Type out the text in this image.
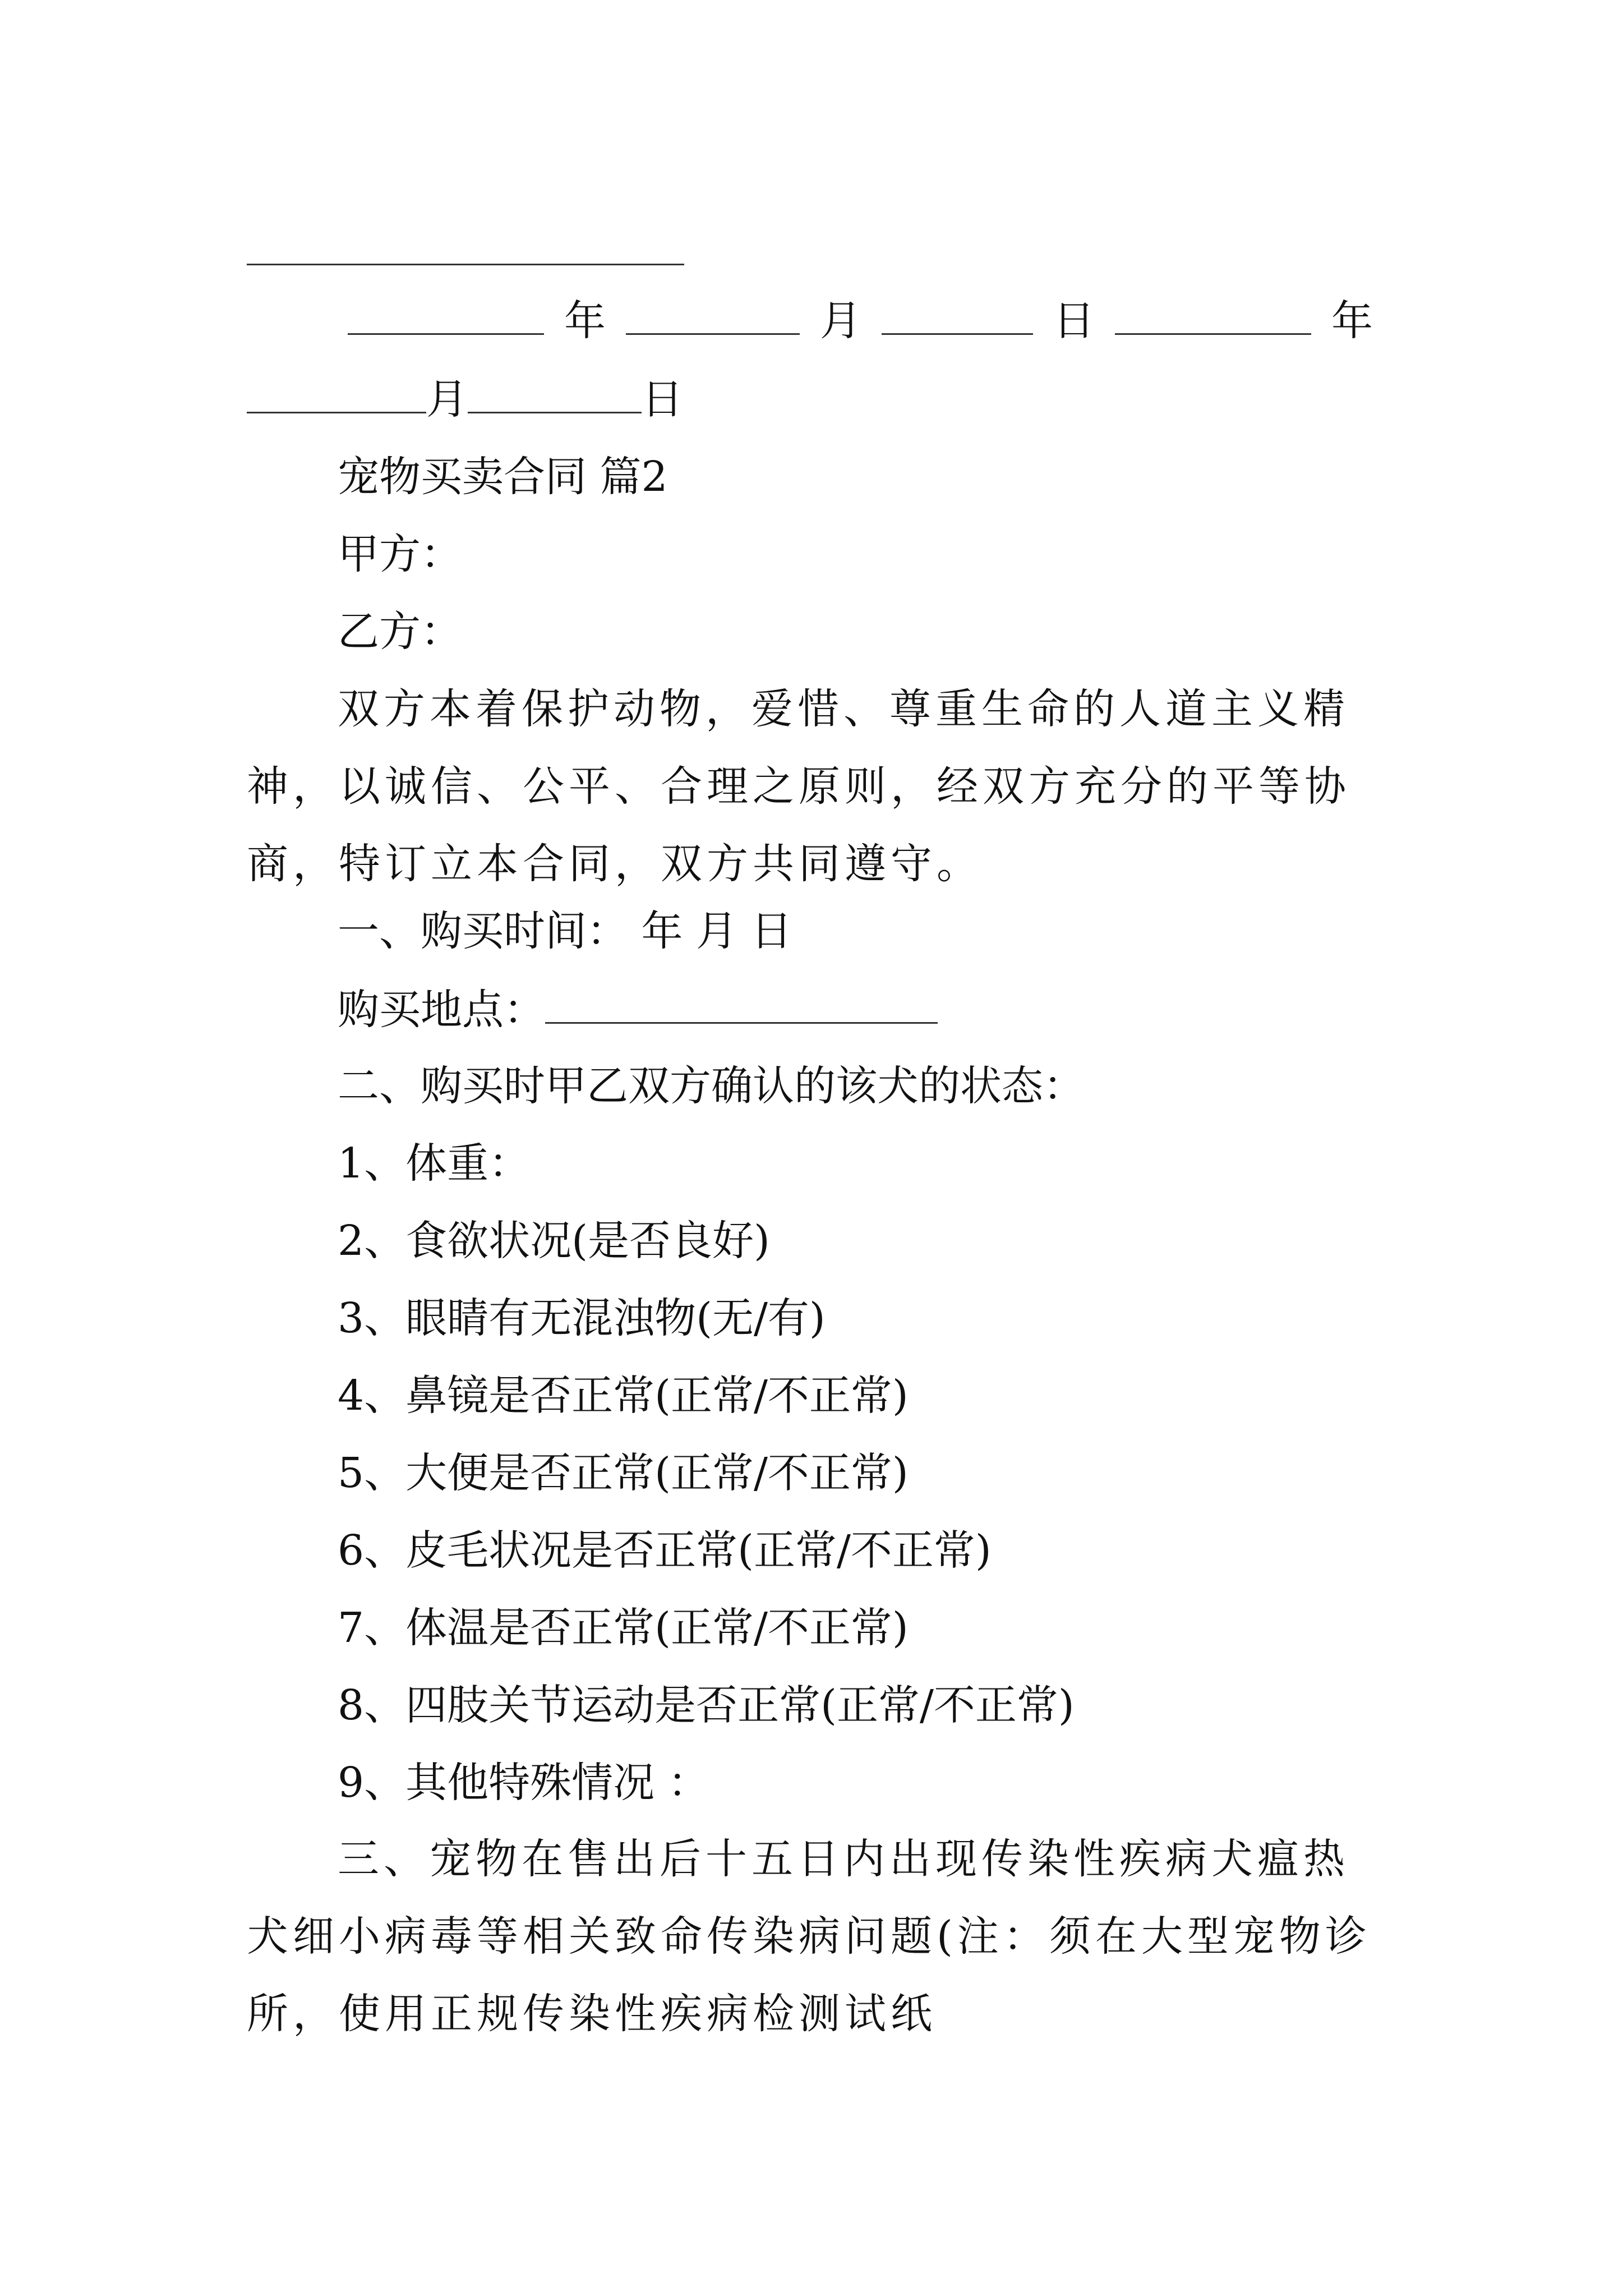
年	月	日	年
月	日
宠物买卖合同 篇2
甲方：
乙方：
双方本着保护动物，爱惜、尊重生命的人道主义精神，以诚信、公平、合理之原则，经双方充分的平等协商，特订立本合同，双方共同遵守。
一、购买时间： 年 月 日
购买地点：
二、购买时甲乙双方确认的该犬的状态：
1、体重：
2、食欲状况(是否良好)
3、眼睛有无混浊物(无/有)
4、鼻镜是否正常(正常/不正常)
5、大便是否正常(正常/不正常)
6、皮毛状况是否正常(正常/不正常)
7、体温是否正常(正常/不正常)
8、四肢关节运动是否正常(正常/不正常)
9、其他特殊情况 ：
三、宠物在售出后十五日内出现传染性疾病犬瘟热犬细小病毒等相关致命传染病问题(注：须在大型宠物诊所，使用正规传染性疾病检测试纸
